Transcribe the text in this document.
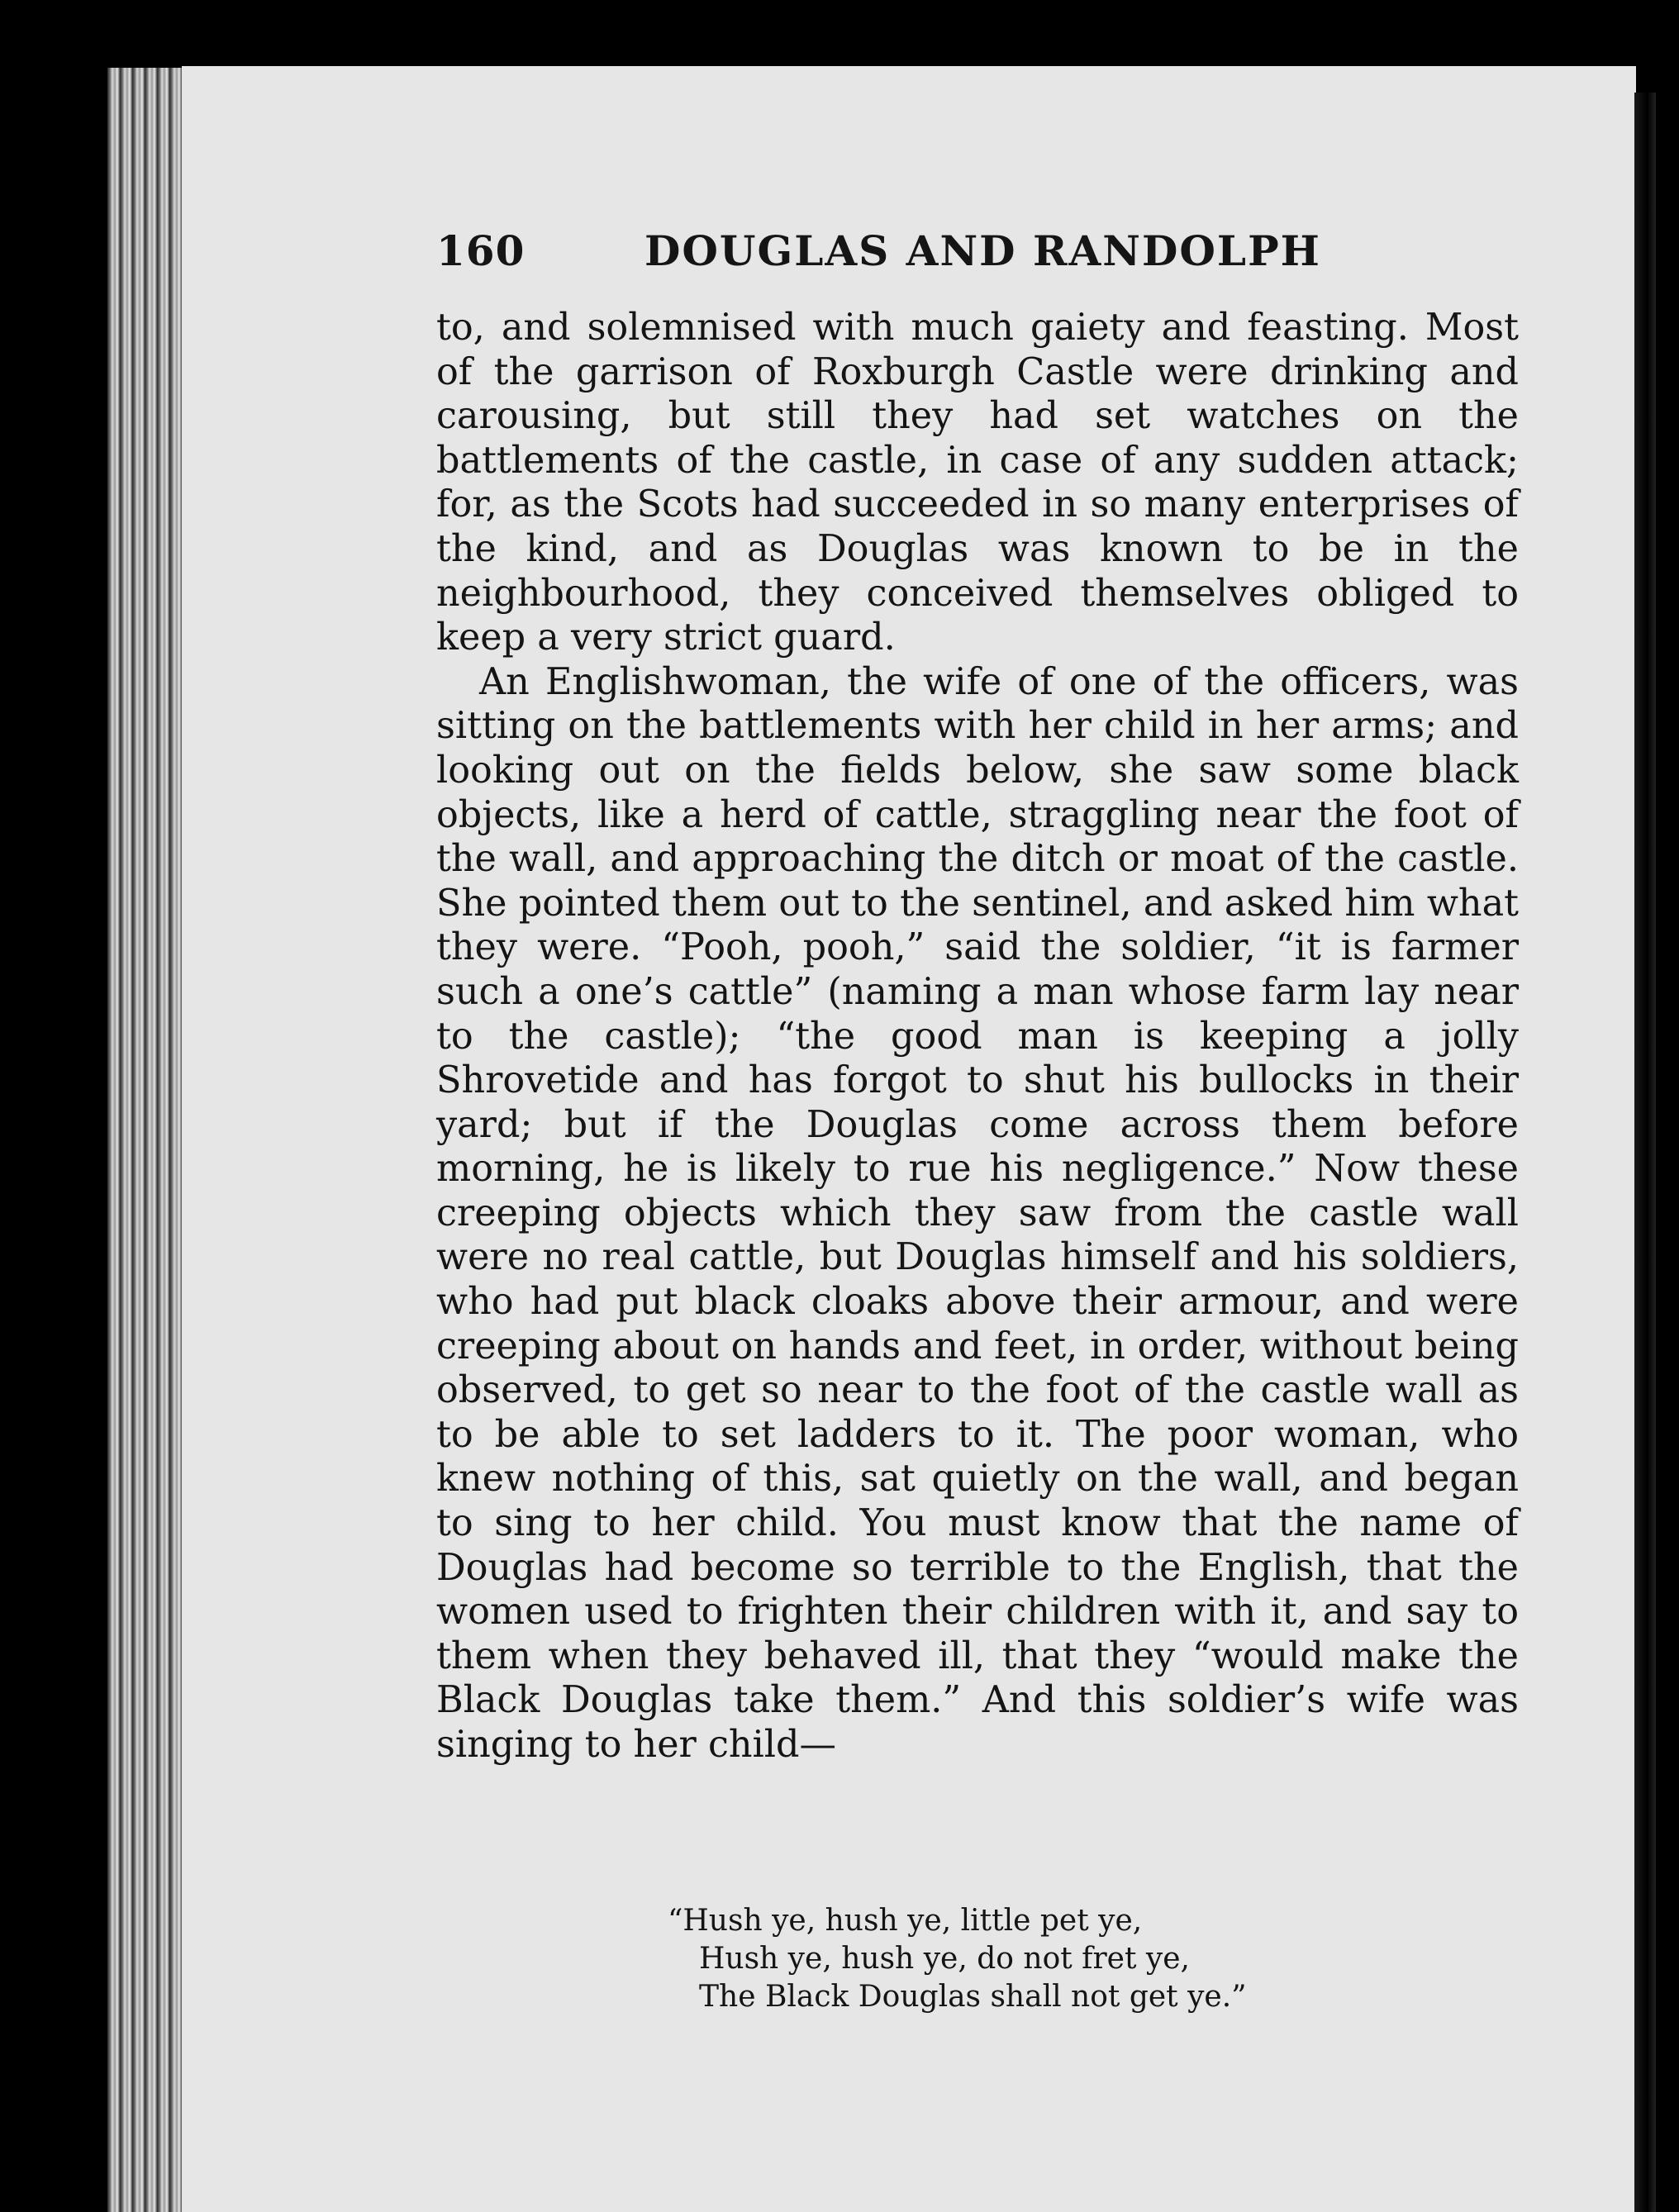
160	DOUGLAS AND RANDOLPH

to, and solemnised with much gaiety and feasting. Most of the garrison of Roxburgh Castle were drinking and carousing, but still they had set watches on the battlements of the castle, in case of any sudden attack; for, as the Scots had succeeded in so many enterprises of the kind, and as Douglas was known to be in the neighbourhood, they conceived themselves obliged to keep a very strict guard.

An Englishwoman, the wife of one of the officers, was sitting on the battlements with her child in her arms; and looking out on the fields below, she saw some black objects, like a herd of cattle, straggling near the foot of the wall, and approaching the ditch or moat of the castle. She pointed them out to the sentinel, and asked him what they were. “Pooh, pooh,” said the soldier, “it is farmer such a one’s cattle” (naming a man whose farm lay near to the castle); “the good man is keeping a jolly Shrovetide and has forgot to shut his bullocks in their yard; but if the Douglas come across them before morning, he is likely to rue his negligence.” Now these creeping objects which they saw from the castle wall were no real cattle, but Douglas himself and his soldiers, who had put black cloaks above their armour, and were creeping about on hands and feet, in order, without being observed, to get so near to the foot of the castle wall as to be able to set ladders to it. The poor woman, who knew nothing of this, sat quietly on the wall, and began to sing to her child. You must know that the name of Douglas had become so terrible to the English, that the women used to frighten their children with it, and say to them when they behaved ill, that they “would make the Black Douglas take them.” And this soldier’s wife was singing to her child—

“Hush ye, hush ye, little pet ye,
Hush ye, hush ye, do not fret ye,
The Black Douglas shall not get ye.”
